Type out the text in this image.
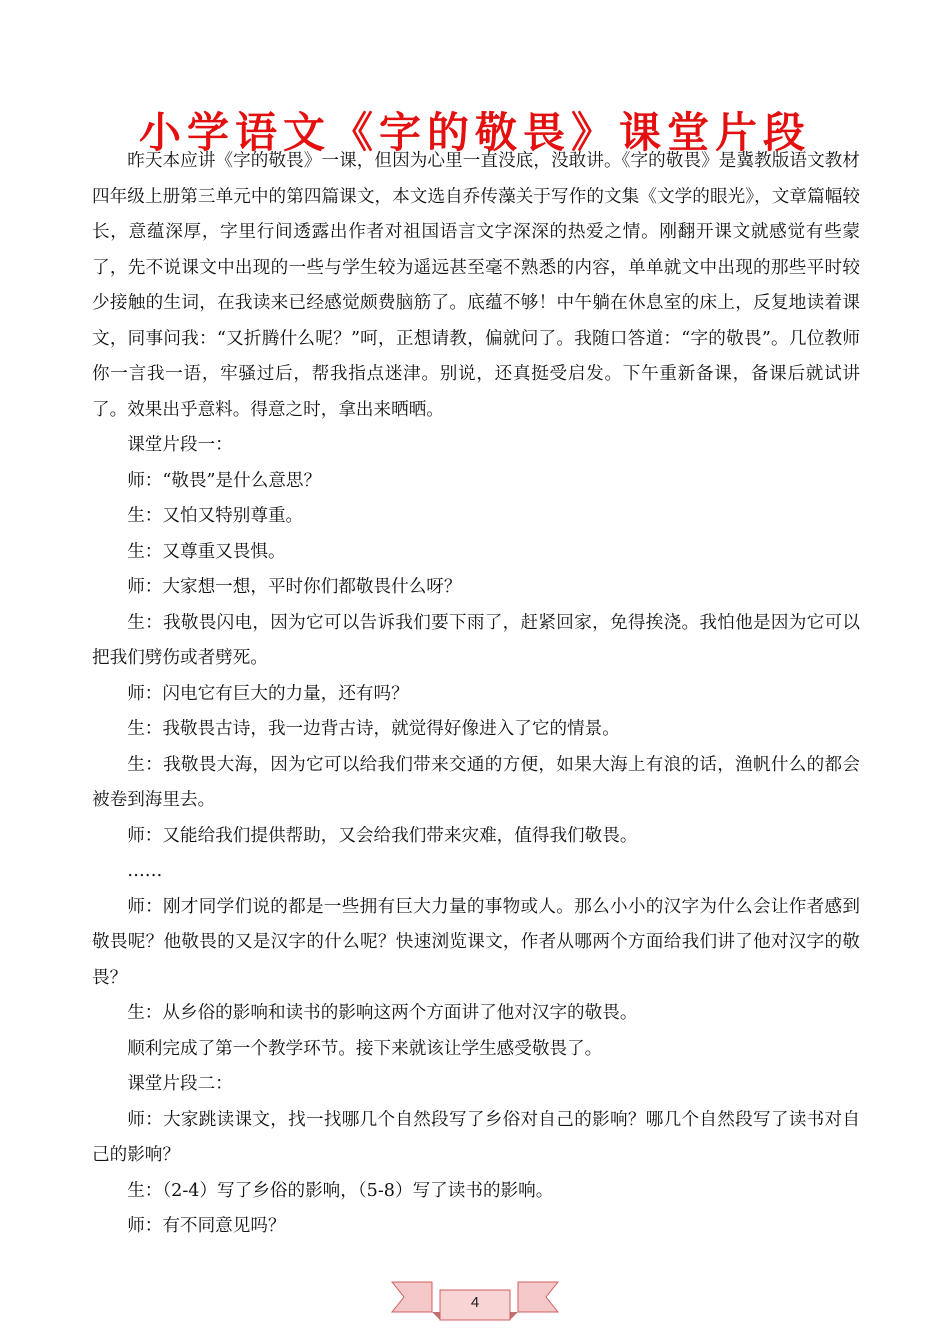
小学语文《字的敬畏》课堂片段

昨天本应讲《字的敬畏》一课，但因为心里一直没底，没敢讲。《字的敬畏》是冀教版语文教材四年级上册第三单元中的第四篇课文，本文选自乔传藻关于写作的文集《文学的眼光》，文章篇幅较长，意蕴深厚，字里行间透露出作者对祖国语言文字深深的热爱之情。刚翻开课文就感觉有些蒙了，先不说课文中出现的一些与学生较为遥远甚至毫不熟悉的内容，单单就文中出现的那些平时较少接触的生词，在我读来已经感觉颇费脑筋了。底蕴不够！中午躺在休息室的床上，反复地读着课文，同事问我：“又折腾什么呢？”呵，正想请教，偏就问了。我随口答道：“字的敬畏”。几位教师你一言我一语，牢骚过后，帮我指点迷津。别说，还真挺受启发。下午重新备课，备课后就试讲了。效果出乎意料。得意之时，拿出来晒晒。

课堂片段一：

师：“敬畏”是什么意思？

生：又怕又特别尊重。

生：又尊重又畏惧。

师：大家想一想，平时你们都敬畏什么呀？

生：我敬畏闪电，因为它可以告诉我们要下雨了，赶紧回家，免得挨浇。我怕他是因为它可以把我们劈伤或者劈死。

师：闪电它有巨大的力量，还有吗？

生：我敬畏古诗，我一边背古诗，就觉得好像进入了它的情景。

生：我敬畏大海，因为它可以给我们带来交通的方便，如果大海上有浪的话，渔帆什么的都会被卷到海里去。

师：又能给我们提供帮助，又会给我们带来灾难，值得我们敬畏。

……

师：刚才同学们说的都是一些拥有巨大力量的事物或人。那么小小的汉字为什么会让作者感到敬畏呢？他敬畏的又是汉字的什么呢？快速浏览课文，作者从哪两个方面给我们讲了他对汉字的敬畏？

生：从乡俗的影响和读书的影响这两个方面讲了他对汉字的敬畏。

顺利完成了第一个教学环节。接下来就该让学生感受敬畏了。

课堂片段二：

师：大家跳读课文，找一找哪几个自然段写了乡俗对自己的影响？哪几个自然段写了读书对自己的影响？

生：（2-4）写了乡俗的影响，（5-8）写了读书的影响。

师：有不同意见吗？

4
